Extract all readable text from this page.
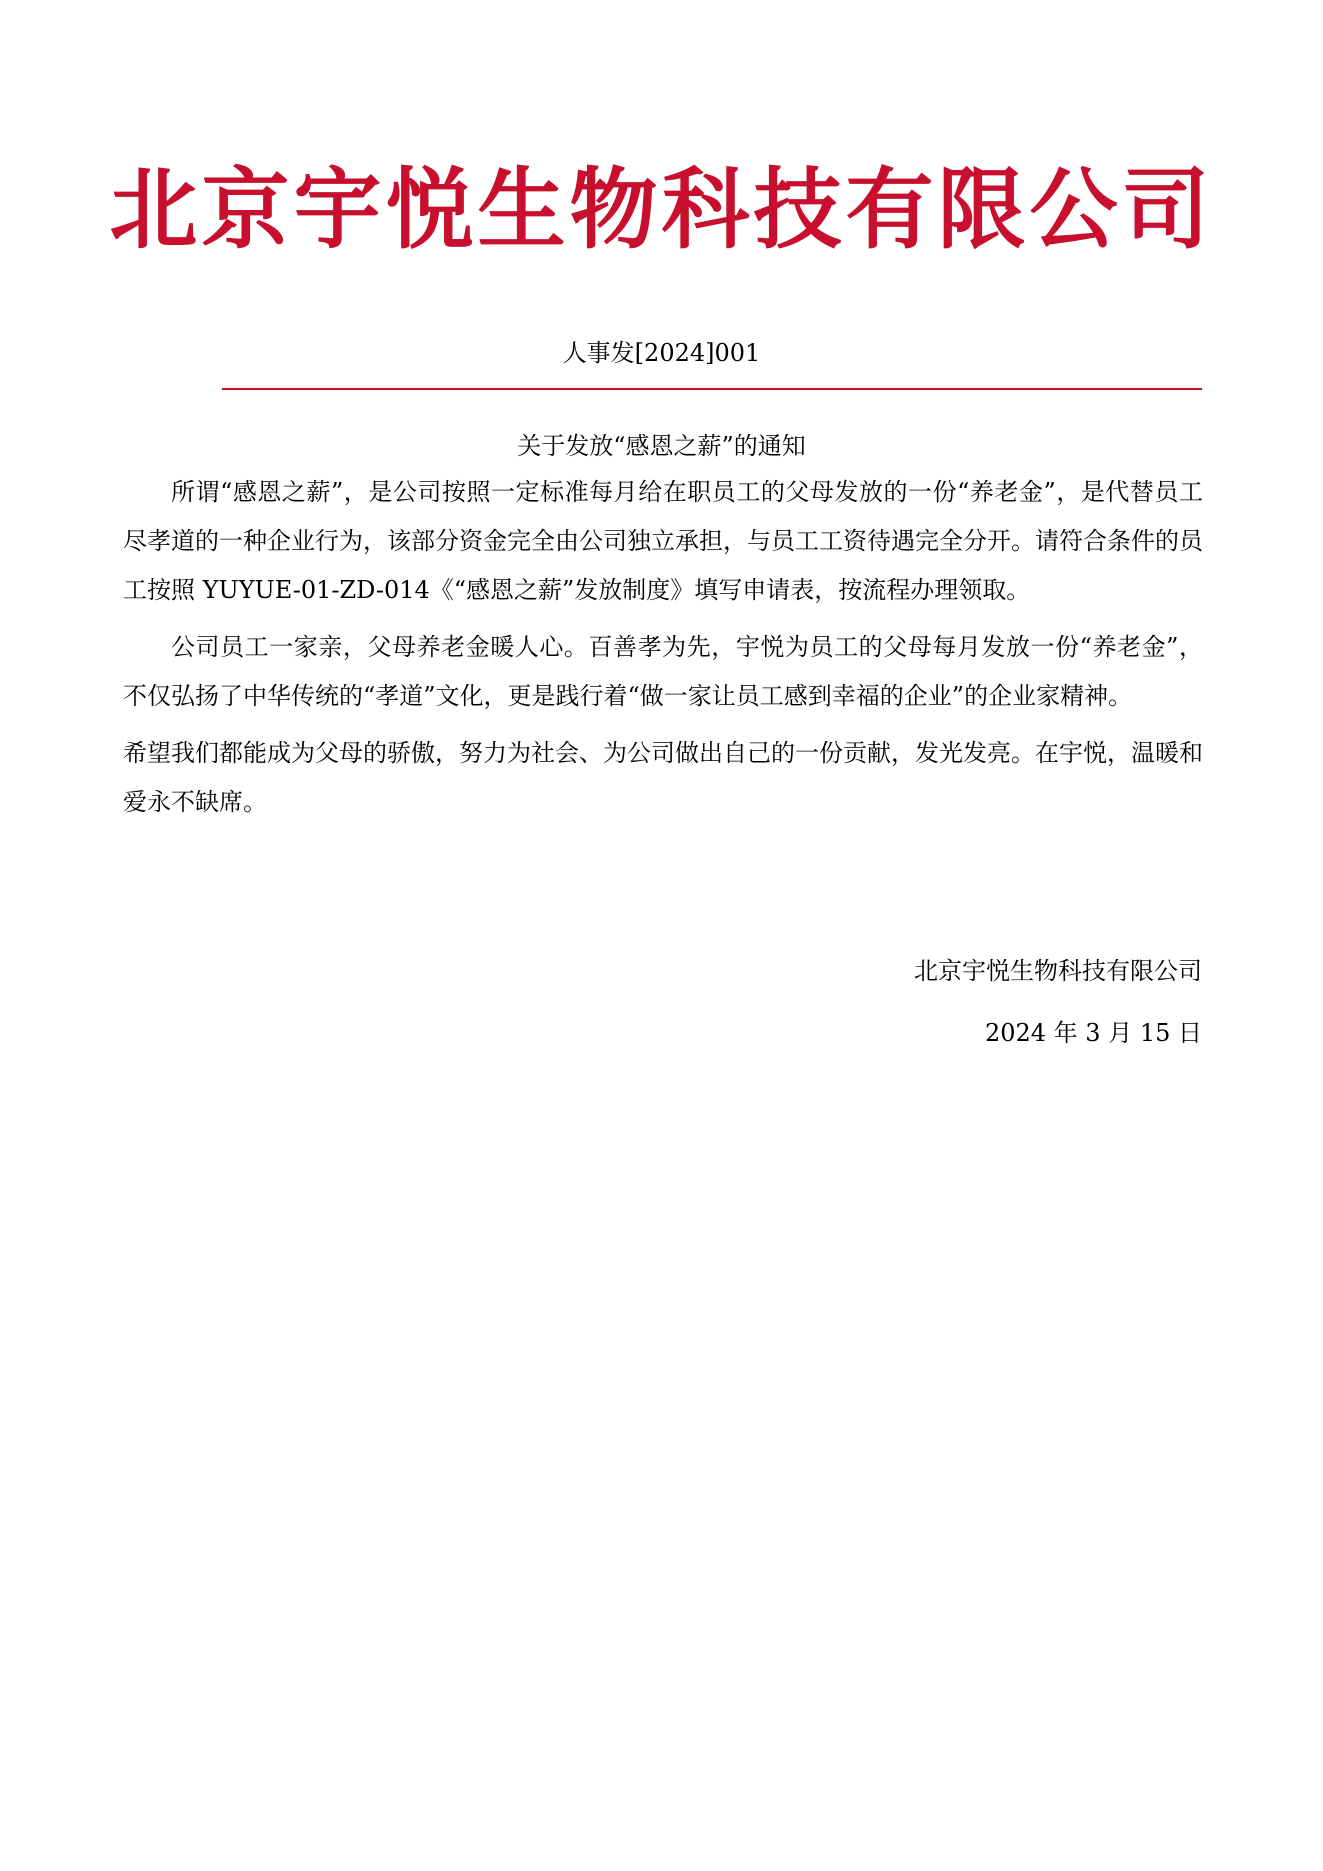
北京宇悦生物科技有限公司
人事发[2024]001
关于发放“感恩之薪”的通知

所谓“感恩之薪”，是公司按照一定标准每月给在职员工的父母发放的一份“养老金”，是代替员工尽孝道的一种企业行为，该部分资金完全由公司独立承担，与员工工资待遇完全分开。请符合条件的员工按照 YUYUE-01-ZD-014《“感恩之薪”发放制度》填写申请表，按流程办理领取。

公司员工一家亲，父母养老金暖人心。百善孝为先，宇悦为员工的父母每月发放一份“养老金”，不仅弘扬了中华传统的“孝道”文化，更是践行着“做一家让员工感到幸福的企业”的企业家精神。

希望我们都能成为父母的骄傲，努力为社会、为公司做出自己的一份贡献，发光发亮。在宇悦，温暖和爱永不缺席。

北京宇悦生物科技有限公司
2024 年 3 月 15 日
